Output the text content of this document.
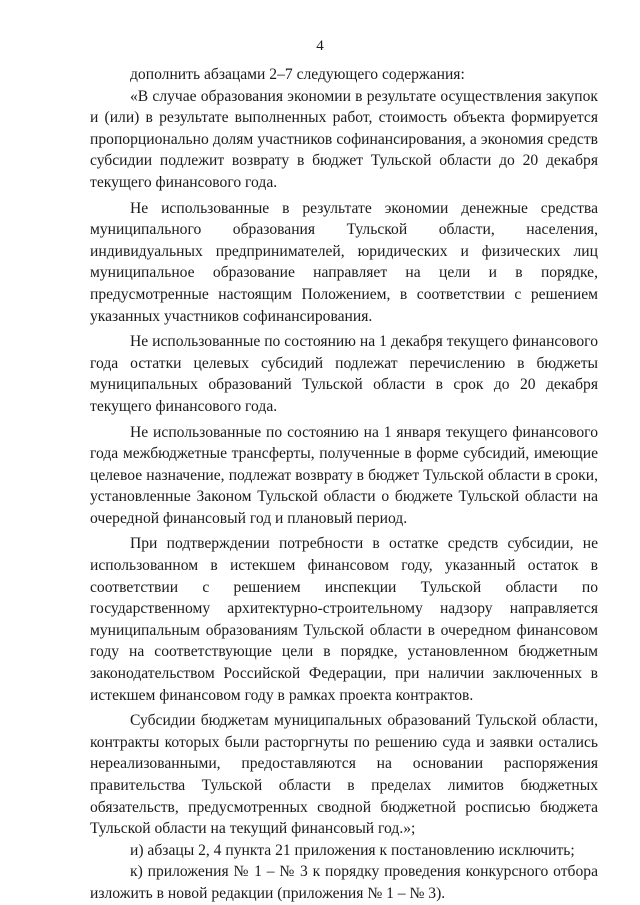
4

дополнить абзацами 2–7 следующего содержания:

«В случае образования экономии в результате осуществления закупок и (или) в результате выполненных работ, стоимость объекта формируется пропорционально долям участников софинансирования, а экономия средств субсидии подлежит возврату в бюджет Тульской области до 20 декабря текущего финансового года.

Не использованные в результате экономии денежные средства муниципального образования Тульской области, населения, индивидуальных предпринимателей, юридических и физических лиц муниципальное образование направляет на цели и в порядке, предусмотренные настоящим Положением, в соответствии с решением указанных участников софинансирования.

Не использованные по состоянию на 1 декабря текущего финансового года остатки целевых субсидий подлежат перечислению в бюджеты муниципальных образований Тульской области в срок до 20 декабря текущего финансового года.

Не использованные по состоянию на 1 января текущего финансового года межбюджетные трансферты, полученные в форме субсидий, имеющие целевое назначение, подлежат возврату в бюджет Тульской области в сроки, установленные Законом Тульской области о бюджете Тульской области на очередной финансовый год и плановый период.

При подтверждении потребности в остатке средств субсидии, не использованном в истекшем финансовом году, указанный остаток в соответствии с решением инспекции Тульской области по государственному архитектурно-строительному надзору направляется муниципальным образованиям Тульской области в очередном финансовом году на соответствующие цели в порядке, установленном бюджетным законодательством Российской Федерации, при наличии заключенных в истекшем финансовом году в рамках проекта контрактов.

Субсидии бюджетам муниципальных образований Тульской области, контракты которых были расторгнуты по решению суда и заявки остались нереализованными, предоставляются на основании распоряжения правительства Тульской области в пределах лимитов бюджетных обязательств, предусмотренных сводной бюджетной росписью бюджета Тульской области на текущий финансовый год.»;

и) абзацы 2, 4 пункта 21 приложения к постановлению исключить;

к) приложения № 1 – № 3 к порядку проведения конкурсного отбора изложить в новой редакции (приложения № 1 – № 3).
